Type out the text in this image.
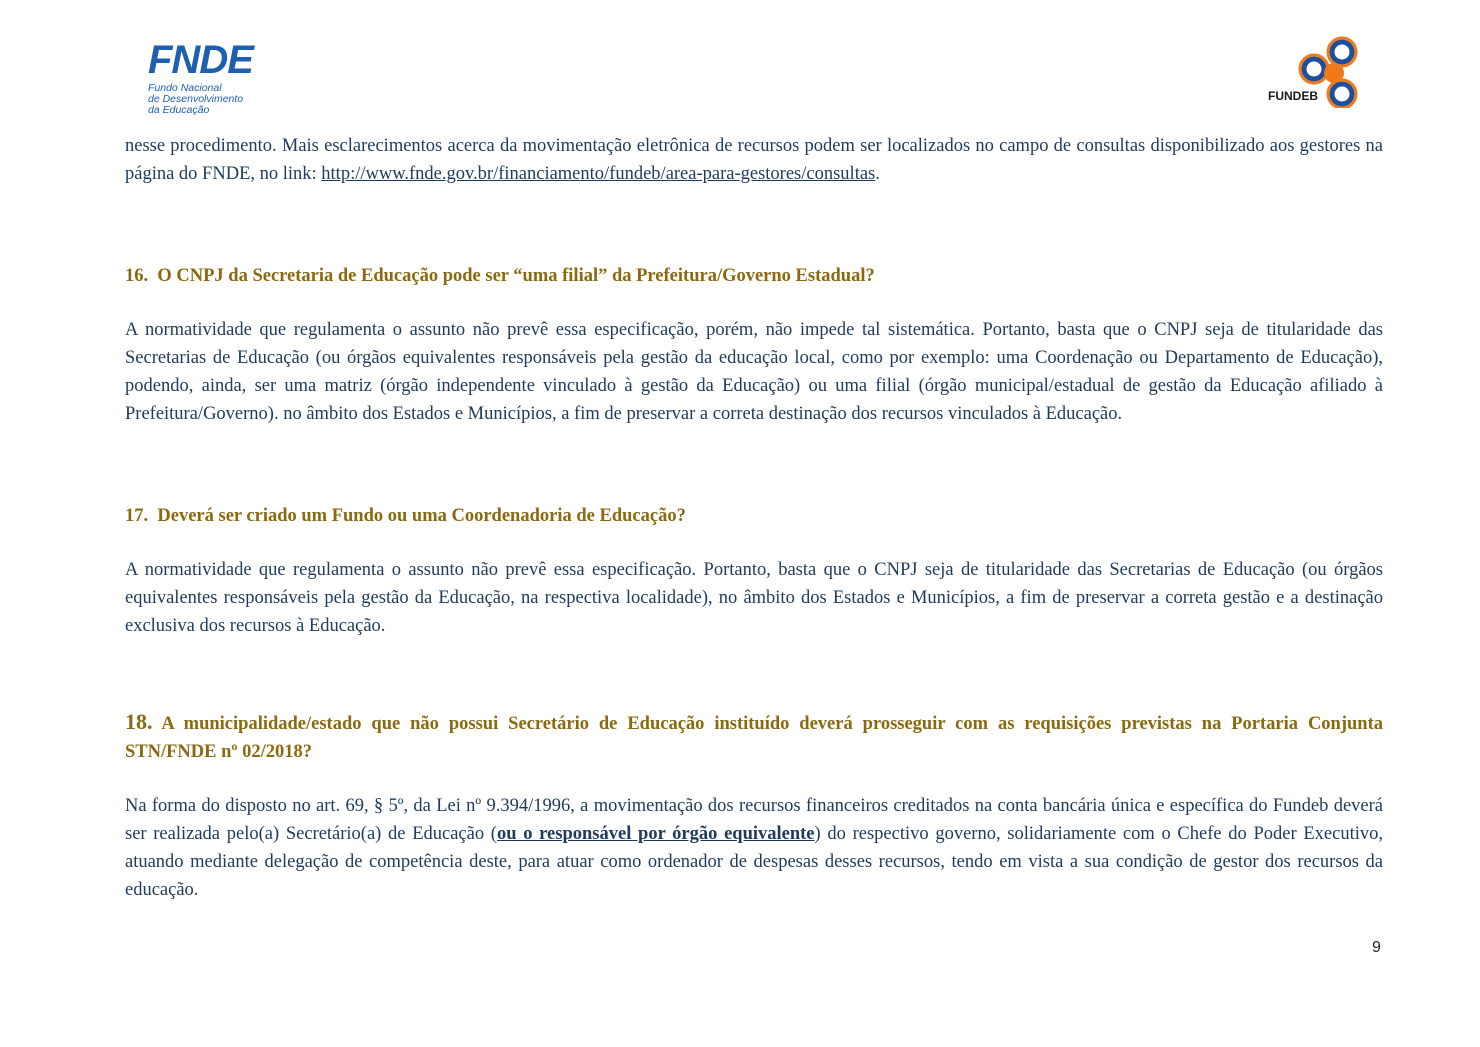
FNDE
Fundo Nacional
de Desenvolvimento
da Educação
FUNDEB

nesse procedimento. Mais esclarecimentos acerca da movimentação eletrônica de recursos podem ser localizados no campo de consultas disponibilizado aos gestores na página do FNDE, no link: http://www.fnde.gov.br/financiamento/fundeb/area-para-gestores/consultas.

16. O CNPJ da Secretaria de Educação pode ser “uma filial” da Prefeitura/Governo Estadual?

A normatividade que regulamenta o assunto não prevê essa especificação, porém, não impede tal sistemática. Portanto, basta que o CNPJ seja de titularidade das Secretarias de Educação (ou órgãos equivalentes responsáveis pela gestão da educação local, como por exemplo: uma Coordenação ou Departamento de Educação), podendo, ainda, ser uma matriz (órgão independente vinculado à gestão da Educação) ou uma filial (órgão municipal/estadual de gestão da Educação afiliado à Prefeitura/Governo). no âmbito dos Estados e Municípios, a fim de preservar a correta destinação dos recursos vinculados à Educação.

17. Deverá ser criado um Fundo ou uma Coordenadoria de Educação?

A normatividade que regulamenta o assunto não prevê essa especificação. Portanto, basta que o CNPJ seja de titularidade das Secretarias de Educação (ou órgãos equivalentes responsáveis pela gestão da Educação, na respectiva localidade), no âmbito dos Estados e Municípios, a fim de preservar a correta gestão e a destinação exclusiva dos recursos à Educação.

18. A municipalidade/estado que não possui Secretário de Educação instituído deverá prosseguir com as requisições previstas na Portaria Conjunta STN/FNDE nº 02/2018?

Na forma do disposto no art. 69, § 5º, da Lei nº 9.394/1996, a movimentação dos recursos financeiros creditados na conta bancária única e específica do Fundeb deverá ser realizada pelo(a) Secretário(a) de Educação (ou o responsável por órgão equivalente) do respectivo governo, solidariamente com o Chefe do Poder Executivo, atuando mediante delegação de competência deste, para atuar como ordenador de despesas desses recursos, tendo em vista a sua condição de gestor dos recursos da educação.

9
